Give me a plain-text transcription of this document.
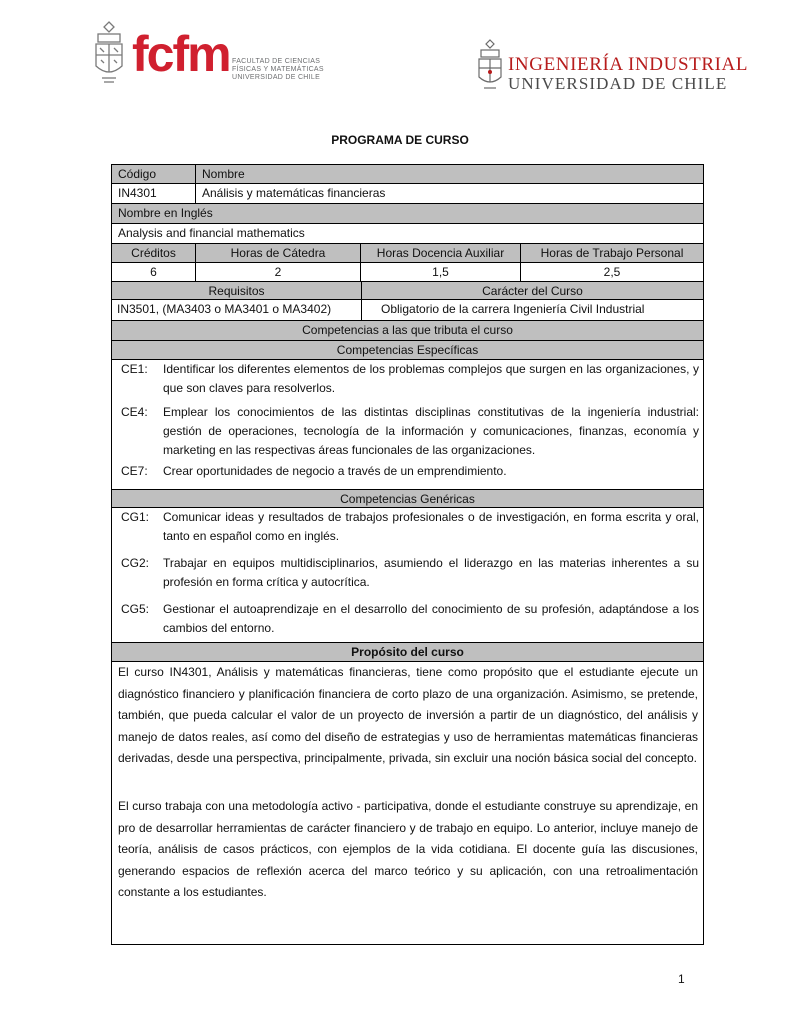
fcfm FACULTAD DE CIENCIAS
FÍSICAS Y MATEMÁTICAS
UNIVERSIDAD DE CHILE
INGENIERÍA INDUSTRIAL
UNIVERSIDAD DE CHILE
PROGRAMA DE CURSO
Código	Nombre
IN4301	Análisis y matemáticas financieras
Nombre en Inglés
Analysis and financial mathematics
Créditos	Horas de Cátedra	Horas Docencia Auxiliar	Horas de Trabajo Personal
6	2	1,5	2,5
Requisitos	Carácter del Curso
IN3501, (MA3403 o MA3401 o MA3402)	Obligatorio de la carrera Ingeniería Civil Industrial
Competencias a las que tributa el curso
Competencias Específicas
CE1: Identificar los diferentes elementos de los problemas complejos que surgen en las organizaciones, y que son claves para resolverlos.
CE4: Emplear los conocimientos de las distintas disciplinas constitutivas de la ingeniería industrial: gestión de operaciones, tecnología de la información y comunicaciones, finanzas, economía y marketing en las respectivas áreas funcionales de las organizaciones.
CE7: Crear oportunidades de negocio a través de un emprendimiento.
Competencias Genéricas
CG1: Comunicar ideas y resultados de trabajos profesionales o de investigación, en forma escrita y oral, tanto en español como en inglés.
CG2: Trabajar en equipos multidisciplinarios, asumiendo el liderazgo en las materias inherentes a su profesión en forma crítica y autocrítica.
CG5: Gestionar el autoaprendizaje en el desarrollo del conocimiento de su profesión, adaptándose a los cambios del entorno.
Propósito del curso
El curso IN4301, Análisis y matemáticas financieras, tiene como propósito que el estudiante ejecute un diagnóstico financiero y planificación financiera de corto plazo de una organización. Asimismo, se pretende, también, que pueda calcular el valor de un proyecto de inversión a partir de un diagnóstico, del análisis y manejo de datos reales, así como del diseño de estrategias y uso de herramientas matemáticas financieras derivadas, desde una perspectiva, principalmente, privada, sin excluir una noción básica social del concepto.
El curso trabaja con una metodología activo - participativa, donde el estudiante construye su aprendizaje, en pro de desarrollar herramientas de carácter financiero y de trabajo en equipo. Lo anterior, incluye manejo de teoría, análisis de casos prácticos, con ejemplos de la vida cotidiana. El docente guía las discusiones, generando espacios de reflexión acerca del marco teórico y su aplicación, con una retroalimentación constante a los estudiantes.
1
